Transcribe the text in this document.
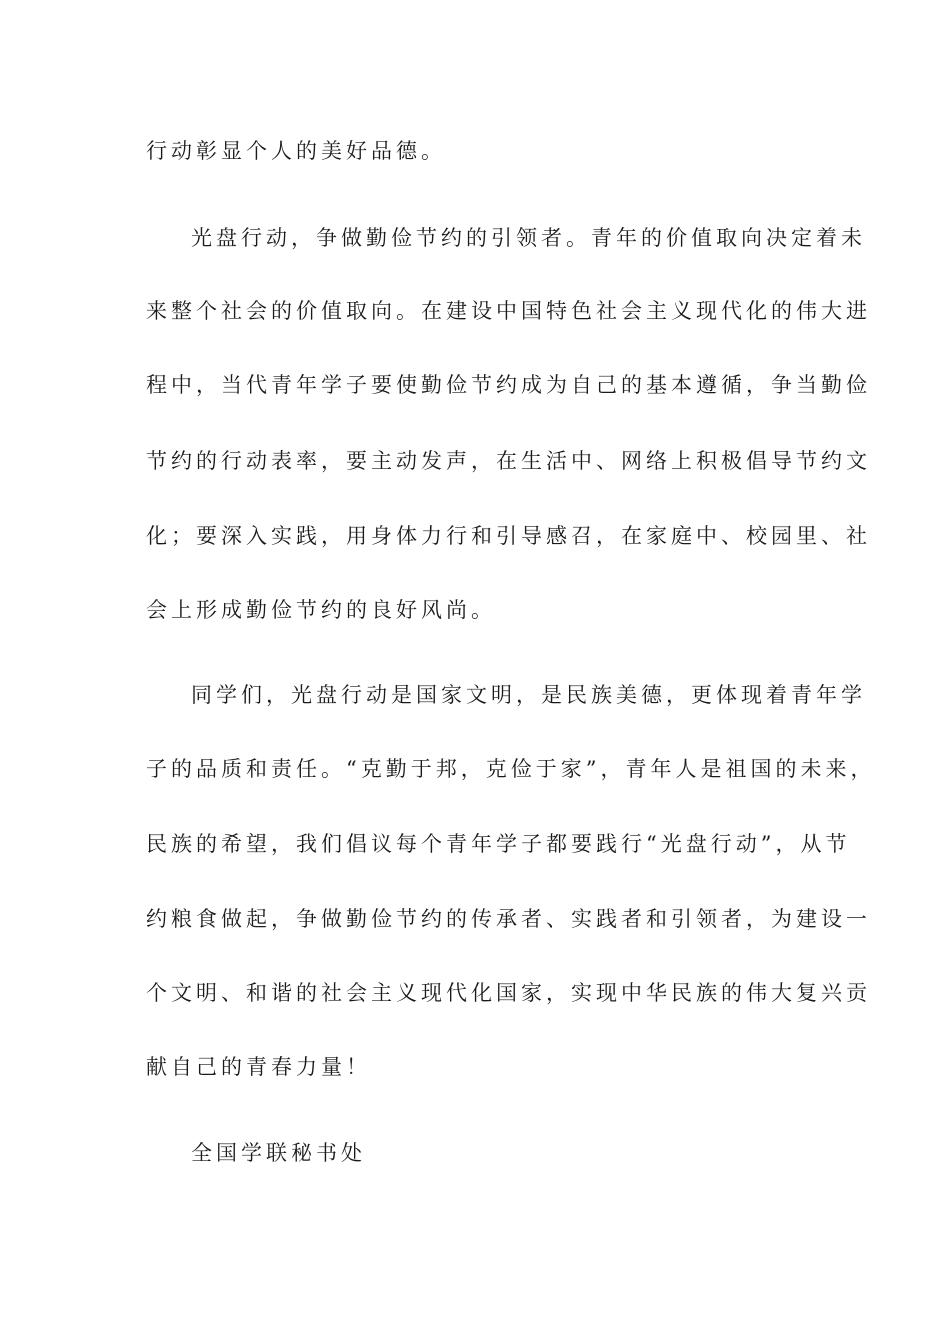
行动彰显个人的美好品德。
光盘行动，争做勤俭节约的引领者。青年的价值取向决定着未
来整个社会的价值取向。在建设中国特色社会主义现代化的伟大进
程中，当代青年学子要使勤俭节约成为自己的基本遵循，争当勤俭
节约的行动表率，要主动发声，在生活中、网络上积极倡导节约文
化；要深入实践，用身体力行和引导感召，在家庭中、校园里、社
会上形成勤俭节约的良好风尚。
同学们，光盘行动是国家文明，是民族美德，更体现着青年学
子的品质和责任。“克勤于邦，克俭于家”，青年人是祖国的未来，
民族的希望，我们倡议每个青年学子都要践行“光盘行动”，从节
约粮食做起，争做勤俭节约的传承者、实践者和引领者，为建设一
个文明、和谐的社会主义现代化国家，实现中华民族的伟大复兴贡
献自己的青春力量！
全国学联秘书处
